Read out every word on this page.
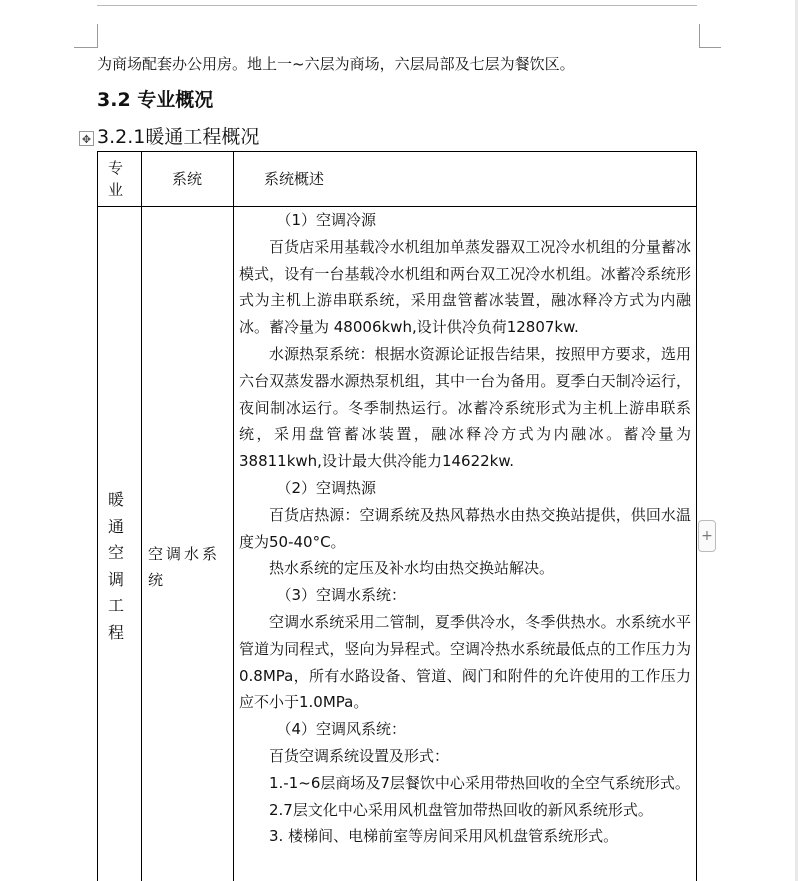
为商场配套办公用房。地上一~六层为商场，六层局部及七层为餐饮区。
3.2 专业概况
3.2.1暖通工程概况
✥
专业
系统	系统概述
暖通空调工程
空调水系统

（1）空调冷源

百货店采用基载冷水机组加单蒸发器双工况冷水机组的分量蓄冰模式，设有一台基载冷水机组和两台双工况冷水机组。冰蓄冷系统形式为主机上游串联系统，采用盘管蓄冰装置，融冰释冷方式为内融冰。蓄冷量为 48006kwh,设计供冷负荷12807kw.

水源热泵系统：根据水资源论证报告结果，按照甲方要求，选用六台双蒸发器水源热泵机组，其中一台为备用。夏季白天制冷运行，夜间制冰运行。冬季制热运行。冰蓄冷系统形式为主机上游串联系统，采用盘管蓄冰装置，融冰释冷方式为内融冰。蓄冷量为38811kwh,设计最大供冷能力14622kw.

（2）空调热源

百货店热源：空调系统及热风幕热水由热交换站提供，供回水温度为50-40°C。

热水系统的定压及补水均由热交换站解决。

（3）空调水系统：

空调水系统采用二管制，夏季供冷水，冬季供热水。水系统水平管道为同程式，竖向为异程式。空调冷热水系统最低点的工作压力为0.8MPa，所有水路设备、管道、阀门和附件的允许使用的工作压力应不小于1.0MPa。

（4）空调风系统：

百货空调系统设置及形式：

1.-1~6层商场及7层餐饮中心采用带热回收的全空气系统形式。

2.7层文化中心采用风机盘管加带热回收的新风系统形式。

3. 楼梯间、电梯前室等房间采用风机盘管系统形式。

+
